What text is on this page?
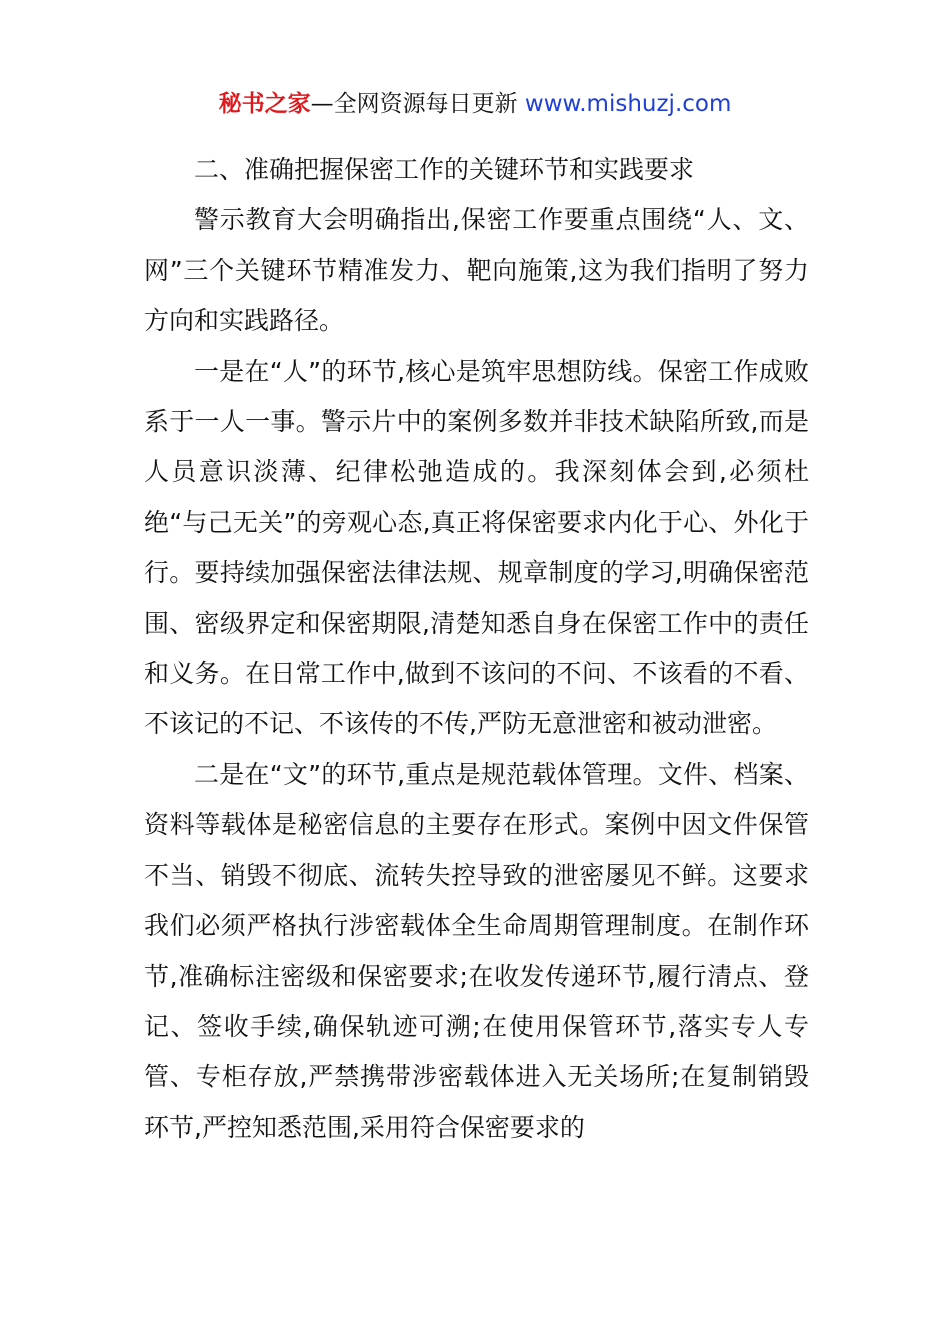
秘书之家—全网资源每日更新 www.mishuzj.com

二、准确把握保密工作的关键环节和实践要求

警示教育大会明确指出,保密工作要重点围绕“人、文、网”三个关键环节精准发力、靶向施策,这为我们指明了努力方向和实践路径。

一是在“人”的环节,核心是筑牢思想防线。保密工作成败系于一人一事。警示片中的案例多数并非技术缺陷所致,而是人员意识淡薄、纪律松弛造成的。我深刻体会到,必须杜绝“与己无关”的旁观心态,真正将保密要求内化于心、外化于行。要持续加强保密法律法规、规章制度的学习,明确保密范围、密级界定和保密期限,清楚知悉自身在保密工作中的责任和义务。在日常工作中,做到不该问的不问、不该看的不看、不该记的不记、不该传的不传,严防无意泄密和被动泄密。

二是在“文”的环节,重点是规范载体管理。文件、档案、资料等载体是秘密信息的主要存在形式。案例中因文件保管不当、销毁不彻底、流转失控导致的泄密屡见不鲜。这要求我们必须严格执行涉密载体全生命周期管理制度。在制作环节,准确标注密级和保密要求;在收发传递环节,履行清点、登记、签收手续,确保轨迹可溯;在使用保管环节,落实专人专管、专柜存放,严禁携带涉密载体进入无关场所;在复制销毁环节,严控知悉范围,采用符合保密要求的
